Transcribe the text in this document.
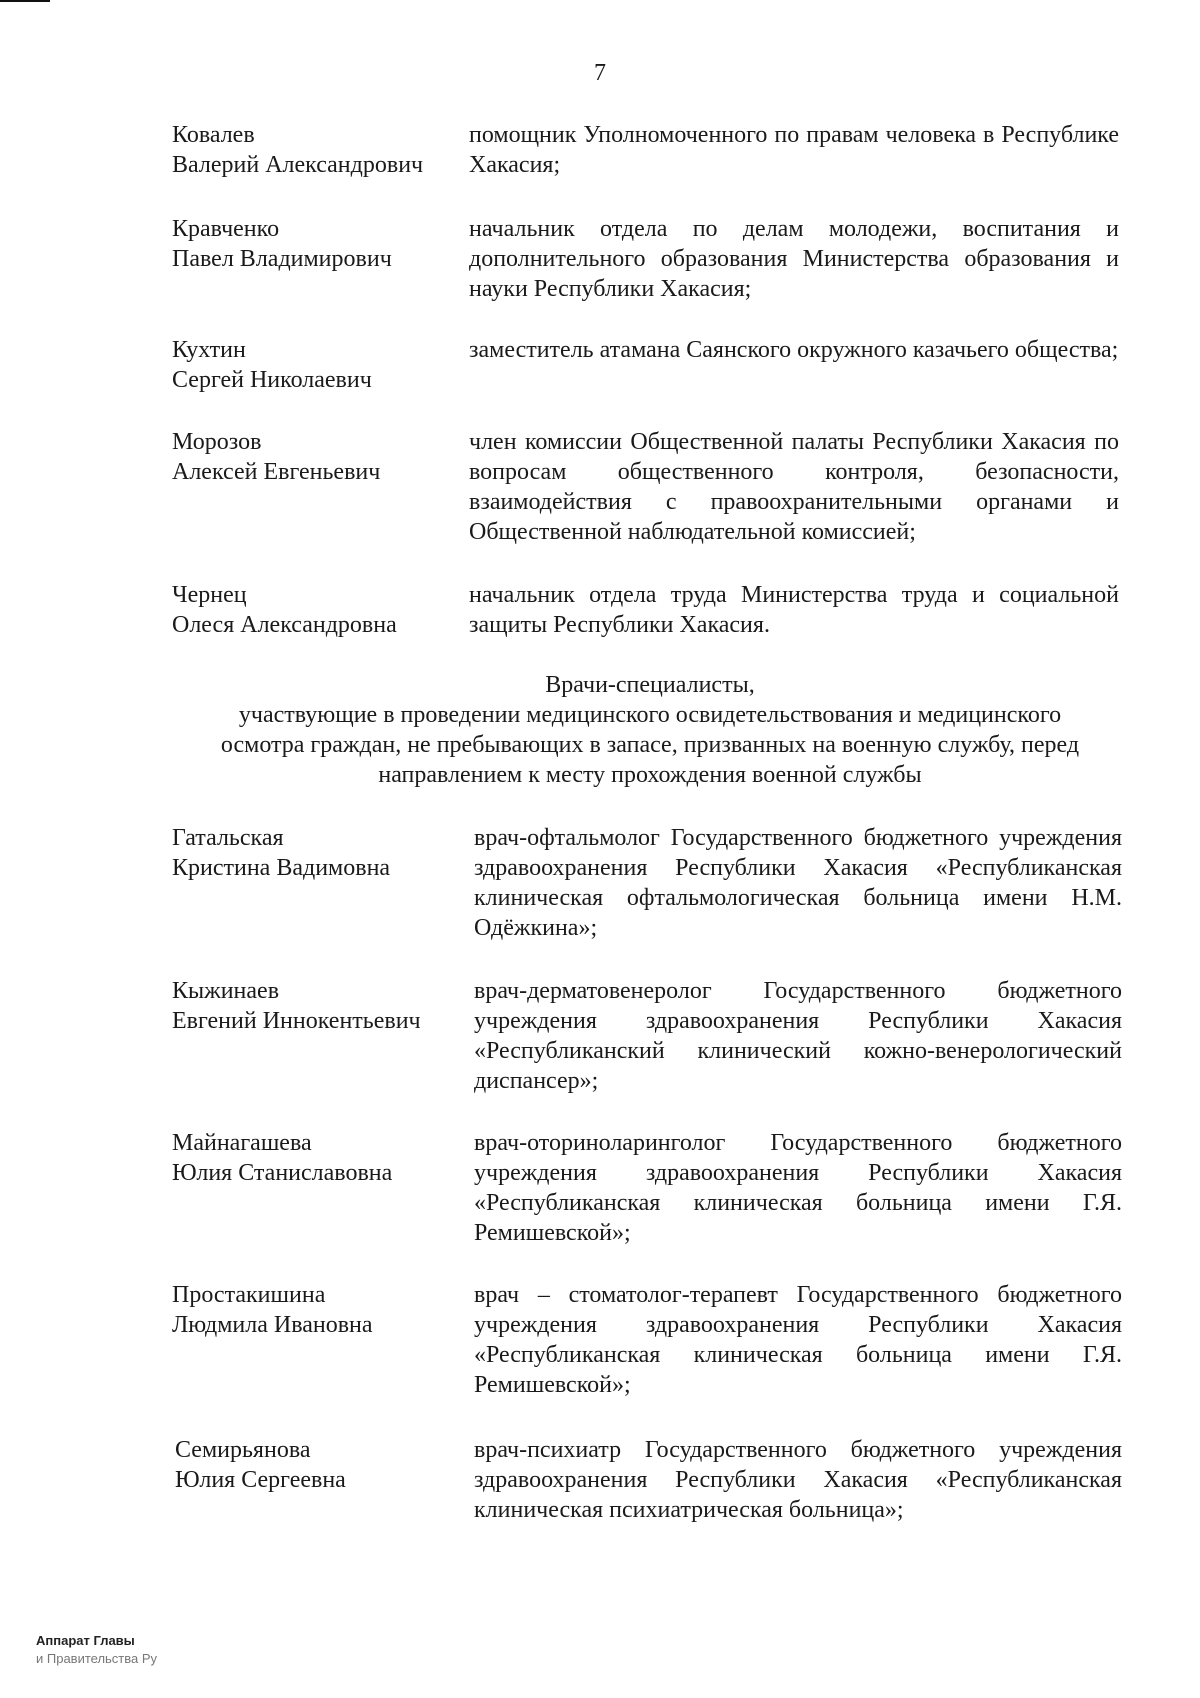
7
Ковалев
Валерий Александрович
помощник Уполномоченного по правам человека в Республике Хакасия;
Кравченко
Павел Владимирович
начальник отдела по делам молодежи, воспитания и дополнительного образования Министерства образования и науки Республики Хакасия;
Кухтин
Сергей Николаевич
заместитель атамана Саянского окружного казачьего общества;
Морозов
Алексей Евгеньевич
член комиссии Общественной палаты Республики Хакасия по вопросам общественного контроля, безопасности, взаимодействия с правоохранительными органами и Общественной наблюдательной комиссией;
Чернец
Олеся Александровна
начальник отдела труда Министерства труда и социальной защиты Республики Хакасия.
Врачи-специалисты,
участвующие в проведении медицинского освидетельствования и медицинского
осмотра граждан, не пребывающих в запасе, призванных на военную службу, перед
направлением к месту прохождения военной службы
Гатальская
Кристина Вадимовна
врач-офтальмолог Государственного бюджетного учреждения здравоохранения Республики Хакасия «Республиканская клиническая офтальмологическая больница имени Н.М. Одёжкина»;
Кыжинаев
Евгений Иннокентьевич
врач-дерматовенеролог Государственного бюджетного учреждения здравоохранения Республики Хакасия «Республиканский клинический кожно-венерологический диспансер»;
Майнагашева
Юлия Станиславовна
врач-оториноларинголог Государственного бюджетного учреждения здравоохранения Республики Хакасия «Республиканская клиническая больница имени Г.Я. Ремишевской»;
Простакишина
Людмила Ивановна
врач – стоматолог-терапевт Государственного бюджетного учреждения здравоохранения Республики Хакасия «Республиканская клиническая больница имени Г.Я. Ремишевской»;
Семирьянова
Юлия Сергеевна
врач-психиатр Государственного бюджетного учреждения здравоохранения Республики Хакасия «Республиканская клиническая психиатрическая больница»;
Аппарат Главы
и Правительства Ру
